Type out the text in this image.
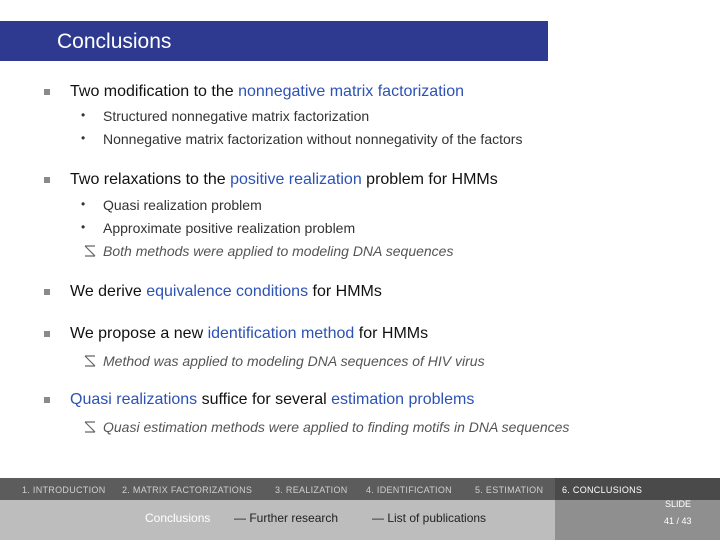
Conclusions
Two modification to the nonnegative matrix factorization
• Structured nonnegative matrix factorization
• Nonnegative matrix factorization without nonnegativity of the factors
Two relaxations to the positive realization problem for HMMs
• Quasi realization problem
• Approximate positive realization problem
Both methods were applied to modeling DNA sequences
We derive equivalence conditions for HMMs
We propose a new identification method for HMMs
Method was applied to modeling DNA sequences of HIV virus
Quasi realizations suffice for several estimation problems
Quasi estimation methods were applied to finding motifs in DNA sequences
1. INTRODUCTION 2. MATRIX FACTORIZATIONS	3. REALIZATION 4. IDENTIFICATION	5. ESTIMATION 6. CONCLUSIONS
Conclusions — Further research	— List of publications
SLIDE
41 / 43
